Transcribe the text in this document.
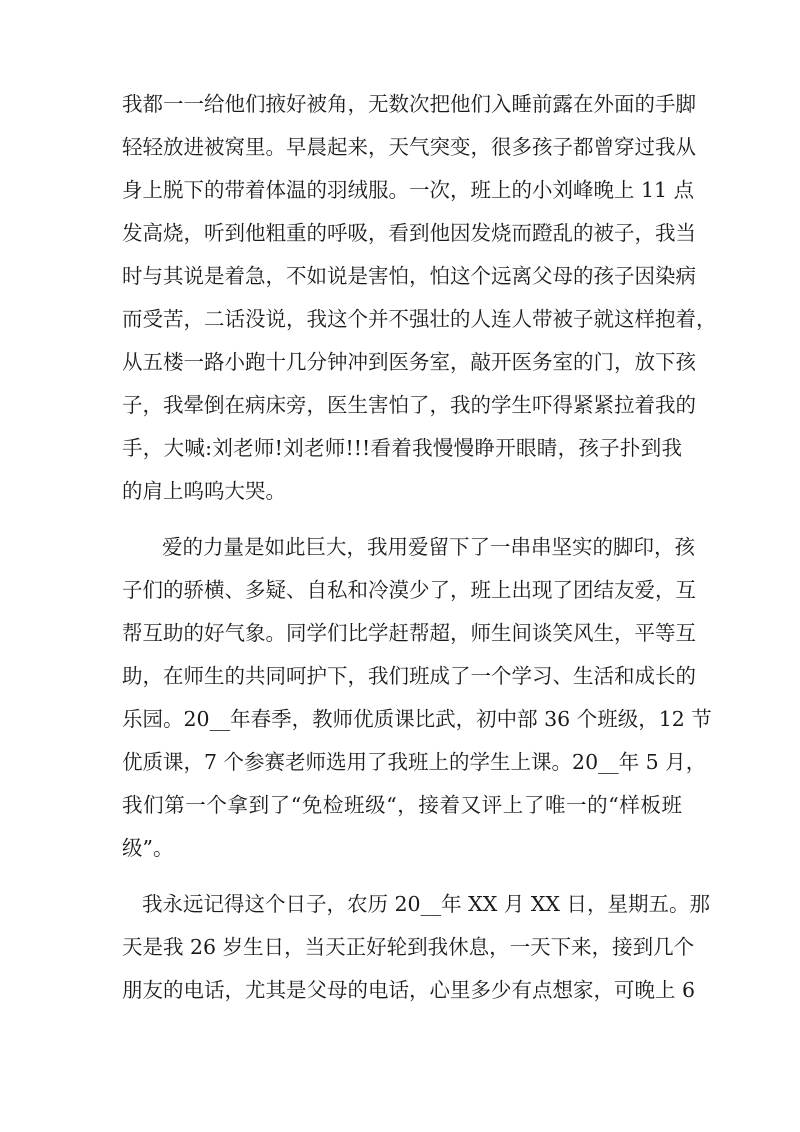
我都一一给他们掖好被角，无数次把他们入睡前露在外面的手脚
轻轻放进被窝里。早晨起来，天气突变，很多孩子都曾穿过我从
身上脱下的带着体温的羽绒服。一次，班上的小刘峰晚上 11 点
发高烧，听到他粗重的呼吸，看到他因发烧而蹬乱的被子，我当
时与其说是着急，不如说是害怕，怕这个远离父母的孩子因染病
而受苦，二话没说，我这个并不强壮的人连人带被子就这样抱着，
从五楼一路小跑十几分钟冲到医务室，敲开医务室的门，放下孩
子，我晕倒在病床旁，医生害怕了，我的学生吓得紧紧拉着我的
手，大喊:刘老师!刘老师!!!看着我慢慢睁开眼睛，孩子扑到我
的肩上呜呜大哭。
爱的力量是如此巨大，我用爱留下了一串串坚实的脚印，孩
子们的骄横、多疑、自私和冷漠少了，班上出现了团结友爱，互
帮互助的好气象。同学们比学赶帮超，师生间谈笑风生，平等互
助，在师生的共同呵护下，我们班成了一个学习、生活和成长的
乐园。20__年春季，教师优质课比武，初中部 36 个班级，12 节
优质课，7 个参赛老师选用了我班上的学生上课。20__年 5 月，
我们第一个拿到了“免检班级“，接着又评上了唯一的“样板班
级”。
我永远记得这个日子，农历 20__年 XX 月 XX 日，星期五。那
天是我 26 岁生日，当天正好轮到我休息，一天下来，接到几个
朋友的电话，尤其是父母的电话，心里多少有点想家，可晚上 6
